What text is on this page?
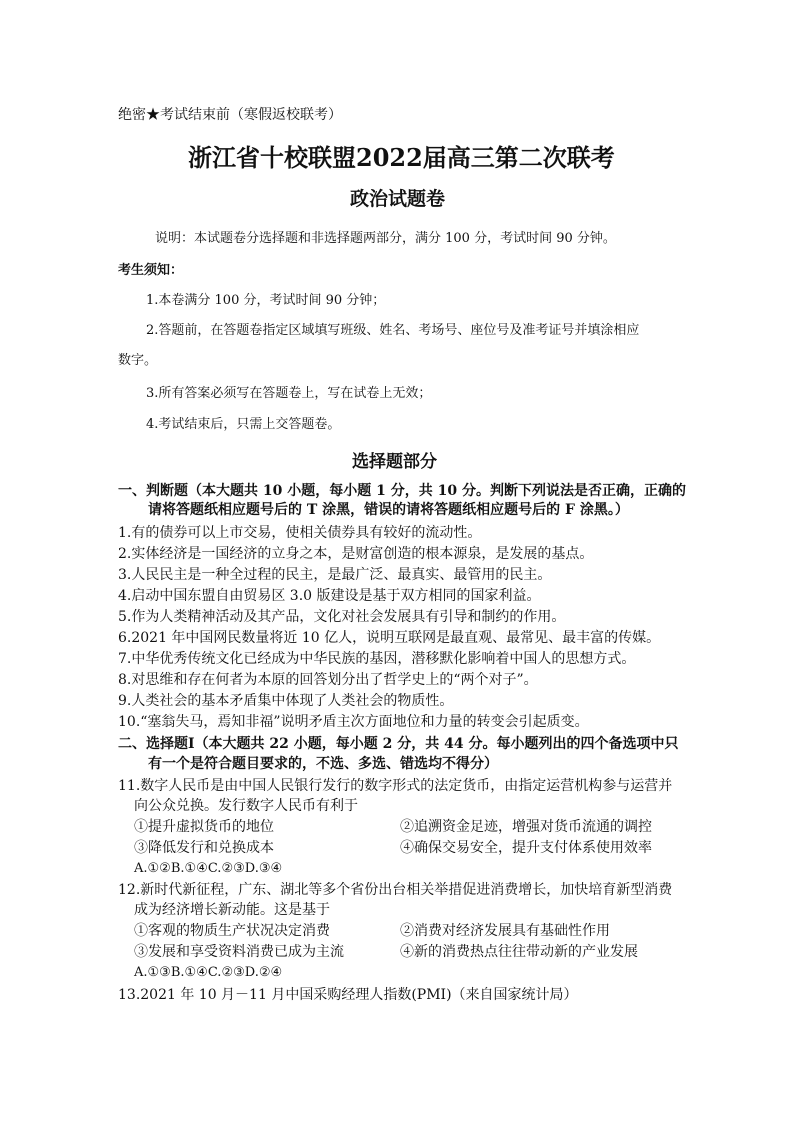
绝密★考试结束前（寒假返校联考）
浙江省十校联盟2022届高三第二次联考
政治试题卷
说明：本试题卷分选择题和非选择题两部分，满分 100 分，考试时间 90 分钟。
考生须知：
1.本卷满分 100 分，考试时间 90 分钟；
2.答题前，在答题卷指定区域填写班级、姓名、考场号、座位号及准考证号并填涂相应
数字。
3.所有答案必须写在答题卷上，写在试卷上无效；
4.考试结束后，只需上交答题卷。
选择题部分
一、判断题（本大题共 10 小题，每小题 1 分，共 10 分。判断下列说法是否正确，正确的
请将答题纸相应题号后的 T 涂黑，错误的请将答题纸相应题号后的 F 涂黑。）
1.有的债券可以上市交易，使相关债券具有较好的流动性。
2.实体经济是一国经济的立身之本，是财富创造的根本源泉，是发展的基点。
3.人民民主是一种全过程的民主，是最广泛、最真实、最管用的民主。
4.启动中国东盟自由贸易区 3.0 版建设是基于双方相同的国家利益。
5.作为人类精神活动及其产品，文化对社会发展具有引导和制约的作用。
6.2021 年中国网民数量将近 10 亿人，说明互联网是最直观、最常见、最丰富的传媒。
7.中华优秀传统文化已经成为中华民族的基因，潜移默化影响着中国人的思想方式。
8.对思维和存在何者为本原的回答划分出了哲学史上的“两个对子”。
9.人类社会的基本矛盾集中体现了人类社会的物质性。
10.“塞翁失马，焉知非福”说明矛盾主次方面地位和力量的转变会引起质变。
二、选择题Ⅰ（本大题共 22 小题，每小题 2 分，共 44 分。每小题列出的四个备选项中只
有一个是符合题目要求的，不选、多选、错选均不得分）
11.数字人民币是由中国人民银行发行的数字形式的法定货币，由指定运营机构参与运营并
向公众兑换。发行数字人民币有利于
①提升虚拟货币的地位	②追溯资金足迹，增强对货币流通的调控
③降低发行和兑换成本	④确保交易安全，提升支付体系使用效率
A.①②B.①④C.②③D.③④
12.新时代新征程，广东、湖北等多个省份出台相关举措促进消费增长，加快培育新型消费
成为经济增长新动能。这是基于
①客观的物质生产状况决定消费	②消费对经济发展具有基础性作用
③发展和享受资料消费已成为主流	④新的消费热点往往带动新的产业发展
A.①③B.①④C.②③D.②④
13.2021 年 10 月－11 月中国采购经理人指数(PMI)（来自国家统计局）
